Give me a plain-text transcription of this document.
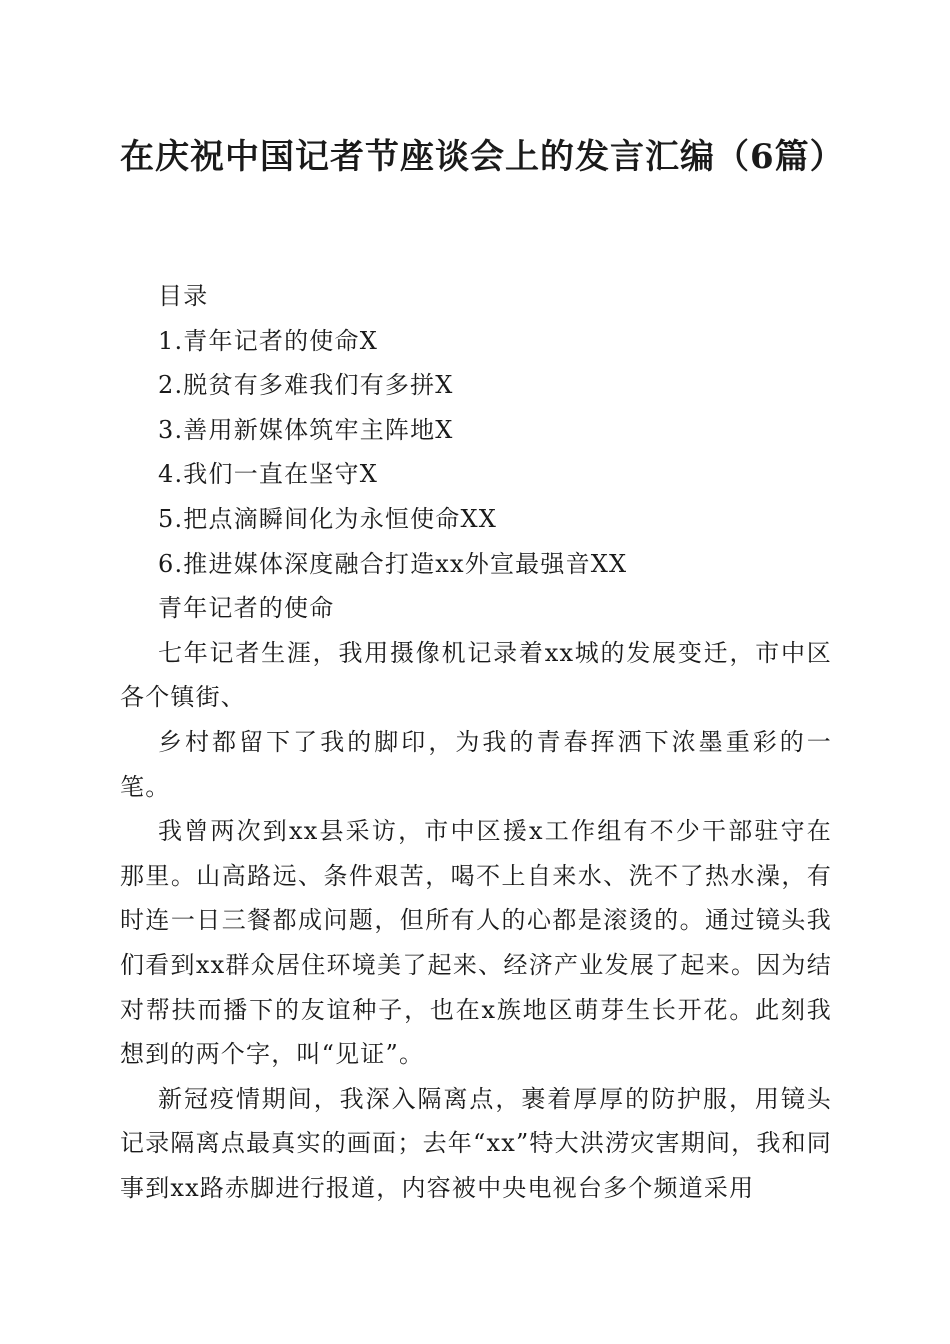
在庆祝中国记者节座谈会上的发言汇编（6篇）

目录

1.青年记者的使命X

2.脱贫有多难我们有多拼X

3.善用新媒体筑牢主阵地X

4.我们一直在坚守X

5.把点滴瞬间化为永恒使命XX

6.推进媒体深度融合打造xx外宣最强音XX

青年记者的使命

七年记者生涯，我用摄像机记录着xx城的发展变迁，市中区各个镇街、

乡村都留下了我的脚印，为我的青春挥洒下浓墨重彩的一笔。

我曾两次到xx县采访，市中区援x工作组有不少干部驻守在那里。山高路远、条件艰苦，喝不上自来水、洗不了热水澡，有时连一日三餐都成问题，但所有人的心都是滚烫的。通过镜头我们看到xx群众居住环境美了起来、经济产业发展了起来。因为结对帮扶而播下的友谊种子，也在x族地区萌芽生长开花。此刻我想到的两个字，叫“见证”。

新冠疫情期间，我深入隔离点，裹着厚厚的防护服，用镜头记录隔离点最真实的画面；去年“xx”特大洪涝灾害期间，我和同事到xx路赤脚进行报道，内容被中央电视台多个频道采用
